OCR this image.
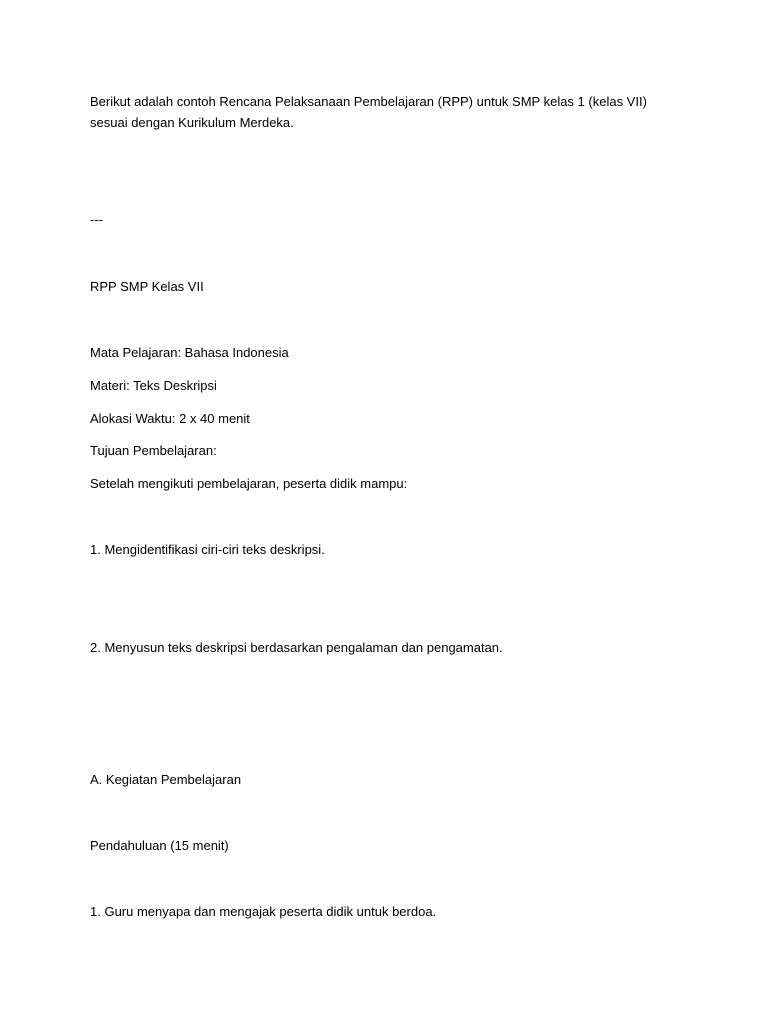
Berikut adalah contoh Rencana Pelaksanaan Pembelajaran (RPP) untuk SMP kelas 1 (kelas VII) sesuai dengan Kurikulum Merdeka.
---
RPP SMP Kelas VII
Mata Pelajaran: Bahasa Indonesia
Materi: Teks Deskripsi
Alokasi Waktu: 2 x 40 menit
Tujuan Pembelajaran:
Setelah mengikuti pembelajaran, peserta didik mampu:
1. Mengidentifikasi ciri-ciri teks deskripsi.
2. Menyusun teks deskripsi berdasarkan pengalaman dan pengamatan.
A. Kegiatan Pembelajaran
Pendahuluan (15 menit)
1. Guru menyapa dan mengajak peserta didik untuk berdoa.
